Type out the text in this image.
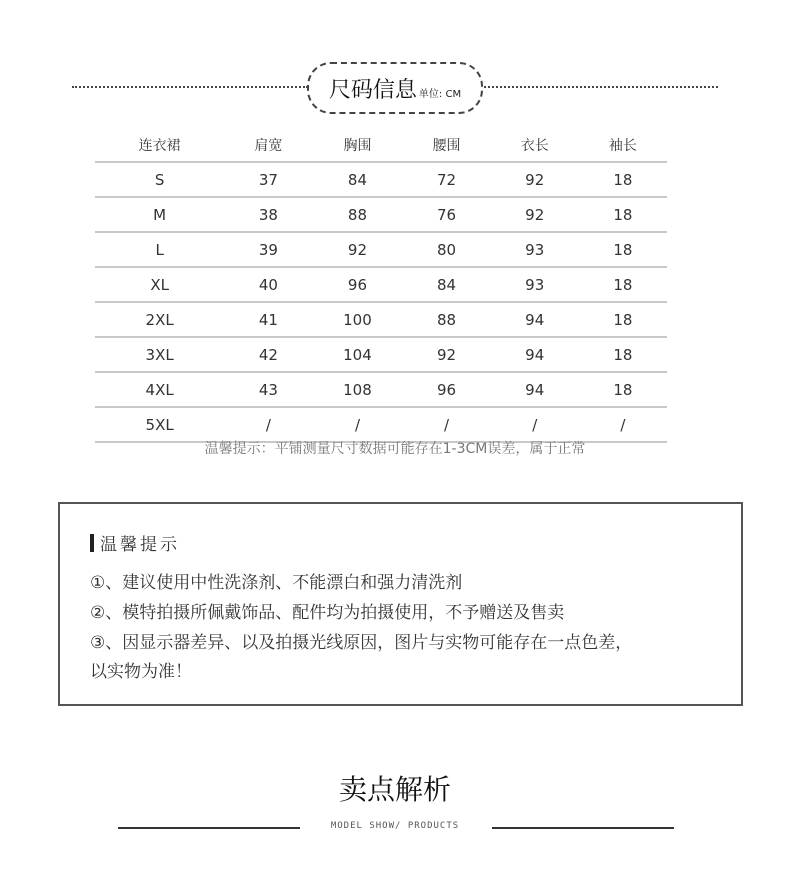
尺码信息 单位: CM
连衣裙	肩宽	胸围	腰围	衣长	袖长
S	37	84	72	92	18
M	38	88	76	92	18
L	39	92	80	93	18
XL	40	96	84	93	18
2XL	41	100	88	94	18
3XL	42	104	92	94	18
4XL	43	108	96	94	18
5XL	/	/	/	/	/
温馨提示：平铺测量尺寸数据可能存在1-3CM误差，属于正常
温馨提示
①、建议使用中性洗涤剂、不能漂白和强力清洗剂
②、模特拍摄所佩戴饰品、配件均为拍摄使用，不予赠送及售卖
③、因显示器差异、以及拍摄光线原因，图片与实物可能存在一点色差，
以实物为准！
卖点解析
MODEL SHOW/ PRODUCTS
